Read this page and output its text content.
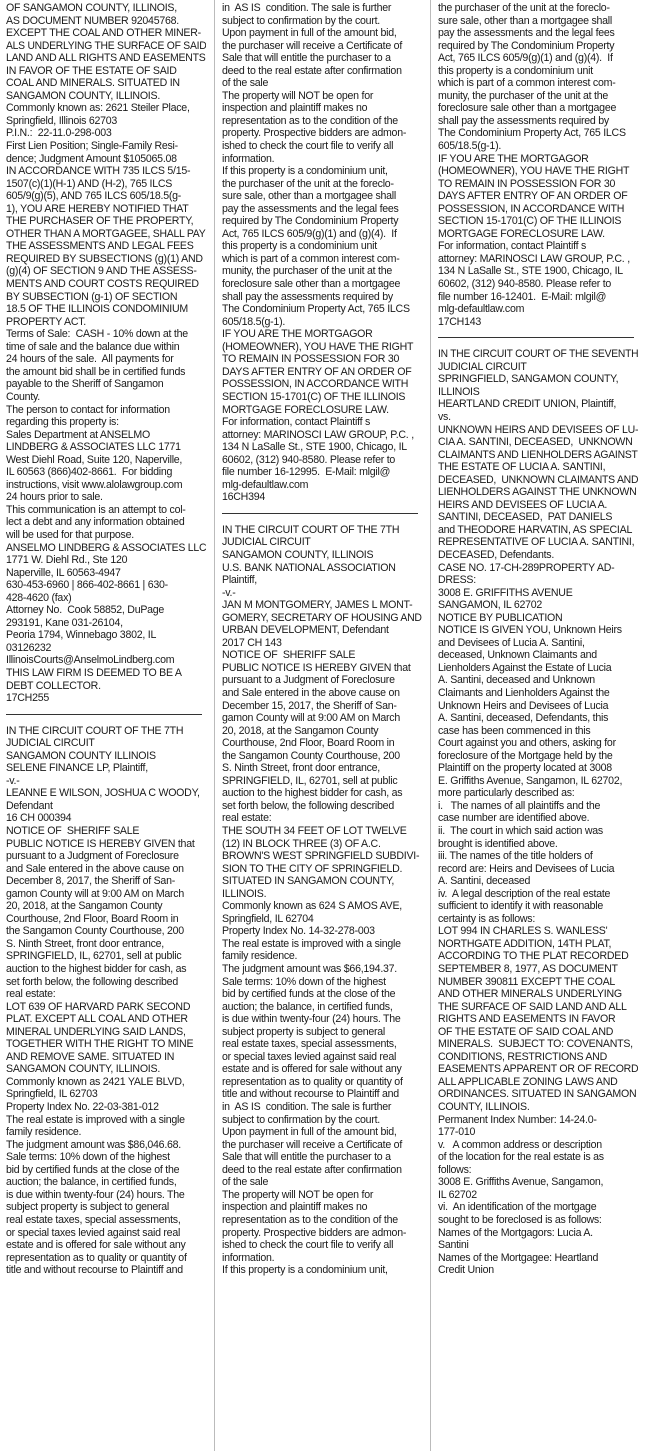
OF SANGAMON COUNTY, ILLINOIS,
AS DOCUMENT NUMBER 92045768.
EXCEPT THE COAL AND OTHER MINER-
ALS UNDERLYING THE SURFACE OF SAID
LAND AND ALL RIGHTS AND EASEMENTS
IN FAVOR OF THE ESTATE OF SAID
COAL AND MINERALS. SITUATED IN
SANGAMON COUNTY, ILLINOIS.
Commonly known as: 2621 Steiler Place,
Springfield, Illinois 62703
P.I.N.:  22-11.0-298-003
First Lien Position; Single-Family Resi-
dence; Judgment Amount $105065.08
IN ACCORDANCE WITH 735 ILCS 5/15-
1507(c)(1)(H-1) AND (H-2), 765 ILCS
605/9(g)(5), AND 765 ILCS 605/18.5(g-
1), YOU ARE HEREBY NOTIFIED THAT
THE PURCHASER OF THE PROPERTY,
OTHER THAN A MORTGAGEE, SHALL PAY
THE ASSESSMENTS AND LEGAL FEES
REQUIRED BY SUBSECTIONS (g)(1) AND
(g)(4) OF SECTION 9 AND THE ASSESS-
MENTS AND COURT COSTS REQUIRED
BY SUBSECTION (g-1) OF SECTION
18.5 OF THE ILLINOIS CONDOMINIUM
PROPERTY ACT.
Terms of Sale:  CASH - 10% down at the
time of sale and the balance due within
24 hours of the sale.  All payments for
the amount bid shall be in certified funds
payable to the Sheriff of Sangamon
County.
The person to contact for information
regarding this property is:
Sales Department at ANSELMO
LINDBERG & ASSOCIATES LLC 1771
West Diehl Road, Suite 120, Naperville,
IL 60563 (866)402-8661.  For bidding
instructions, visit www.alolawgroup.com
24 hours prior to sale.
This communication is an attempt to col-
lect a debt and any information obtained
will be used for that purpose.
ANSELMO LINDBERG & ASSOCIATES LLC
1771 W. Diehl Rd., Ste 120
Naperville, IL 60563-4947
630-453-6960 | 866-402-8661 | 630-
428-4620 (fax)
Attorney No.  Cook 58852, DuPage
293191, Kane 031-26104,
Peoria 1794, Winnebago 3802, IL
03126232
IllinoisCourts@AnselmoLindberg.com
THIS LAW FIRM IS DEEMED TO BE A
DEBT COLLECTOR.
17CH255
IN THE CIRCUIT COURT OF THE 7TH
JUDICIAL CIRCUIT
SANGAMON COUNTY ILLINOIS
SELENE FINANCE LP, Plaintiff,
-v.-
LEANNE E WILSON, JOSHUA C WOODY,
Defendant
16 CH 000394
NOTICE OF  SHERIFF SALE
PUBLIC NOTICE IS HEREBY GIVEN that
pursuant to a Judgment of Foreclosure
and Sale entered in the above cause on
December 8, 2017, the Sheriff of San-
gamon County will at 9:00 AM on March
20, 2018, at the Sangamon County
Courthouse, 2nd Floor, Board Room in
the Sangamon County Courthouse, 200
S. Ninth Street, front door entrance,
SPRINGFIELD, IL, 62701, sell at public
auction to the highest bidder for cash, as
set forth below, the following described
real estate:
LOT 639 OF HARVARD PARK SECOND
PLAT. EXCEPT ALL COAL AND OTHER
MINERAL UNDERLYING SAID LANDS,
TOGETHER WITH THE RIGHT TO MINE
AND REMOVE SAME. SITUATED IN
SANGAMON COUNTY, ILLINOIS.
Commonly known as 2421 YALE BLVD,
Springfield, IL 62703
Property Index No. 22-03-381-012
The real estate is improved with a single
family residence.
The judgment amount was $86,046.68.
Sale terms: 10% down of the highest
bid by certified funds at the close of the
auction; the balance, in certified funds,
is due within twenty-four (24) hours. The
subject property is subject to general
real estate taxes, special assessments,
or special taxes levied against said real
estate and is offered for sale without any
representation as to quality or quantity of
title and without recourse to Plaintiff and
in  AS IS  condition. The sale is further
subject to confirmation by the court.
Upon payment in full of the amount bid,
the purchaser will receive a Certificate of
Sale that will entitle the purchaser to a
deed to the real estate after confirmation
of the sale
The property will NOT be open for
inspection and plaintiff makes no
representation as to the condition of the
property. Prospective bidders are admon-
ished to check the court file to verify all
information.
If this property is a condominium unit,
the purchaser of the unit at the foreclo-
sure sale, other than a mortgagee shall
pay the assessments and the legal fees
required by The Condominium Property
Act, 765 ILCS 605/9(g)(1) and (g)(4).  If
this property is a condominium unit
which is part of a common interest com-
munity, the purchaser of the unit at the
foreclosure sale other than a mortgagee
shall pay the assessments required by
The Condominium Property Act, 765 ILCS
605/18.5(g-1).
IF YOU ARE THE MORTGAGOR
(HOMEOWNER), YOU HAVE THE RIGHT
TO REMAIN IN POSSESSION FOR 30
DAYS AFTER ENTRY OF AN ORDER OF
POSSESSION, IN ACCORDANCE WITH
SECTION 15-1701(C) OF THE ILLINOIS
MORTGAGE FORECLOSURE LAW.
For information, contact Plaintiff s
attorney: MARINOSCI LAW GROUP, P.C. ,
134 N LaSalle St., STE 1900, Chicago, IL
60602, (312) 940-8580. Please refer to
file number 16-12995.  E-Mail: mlgil@
mlg-defaultlaw.com
16CH394
IN THE CIRCUIT COURT OF THE 7TH
JUDICIAL CIRCUIT
SANGAMON COUNTY, ILLINOIS
U.S. BANK NATIONAL ASSOCIATION
Plaintiff,
-v.-
JAN M MONTGOMERY, JAMES L MONT-
GOMERY, SECRETARY OF HOUSING AND
URBAN DEVELOPMENT, Defendant
2017 CH 143
NOTICE OF  SHERIFF SALE
PUBLIC NOTICE IS HEREBY GIVEN that
pursuant to a Judgment of Foreclosure
and Sale entered in the above cause on
December 15, 2017, the Sheriff of San-
gamon County will at 9:00 AM on March
20, 2018, at the Sangamon County
Courthouse, 2nd Floor, Board Room in
the Sangamon County Courthouse, 200
S. Ninth Street, front door entrance,
SPRINGFIELD, IL, 62701, sell at public
auction to the highest bidder for cash, as
set forth below, the following described
real estate:
THE SOUTH 34 FEET OF LOT TWELVE
(12) IN BLOCK THREE (3) OF A.C.
BROWN'S WEST SPRINGFIELD SUBDIVI-
SION TO THE CITY OF SPRINGFIELD.
SITUATED IN SANGAMON COUNTY,
ILLINOIS.
Commonly known as 624 S AMOS AVE,
Springfield, IL 62704
Property Index No. 14-32-278-003
The real estate is improved with a single
family residence.
The judgment amount was $66,194.37.
Sale terms: 10% down of the highest
bid by certified funds at the close of the
auction; the balance, in certified funds,
is due within twenty-four (24) hours. The
subject property is subject to general
real estate taxes, special assessments,
or special taxes levied against said real
estate and is offered for sale without any
representation as to quality or quantity of
title and without recourse to Plaintiff and
in  AS IS  condition. The sale is further
subject to confirmation by the court.
Upon payment in full of the amount bid,
the purchaser will receive a Certificate of
Sale that will entitle the purchaser to a
deed to the real estate after confirmation
of the sale
The property will NOT be open for
inspection and plaintiff makes no
representation as to the condition of the
property. Prospective bidders are admon-
ished to check the court file to verify all
information.
If this property is a condominium unit,
the purchaser of the unit at the foreclo-
sure sale, other than a mortgagee shall
pay the assessments and the legal fees
required by The Condominium Property
Act, 765 ILCS 605/9(g)(1) and (g)(4).  If
this property is a condominium unit
which is part of a common interest com-
munity, the purchaser of the unit at the
foreclosure sale other than a mortgagee
shall pay the assessments required by
The Condominium Property Act, 765 ILCS
605/18.5(g-1).
IF YOU ARE THE MORTGAGOR
(HOMEOWNER), YOU HAVE THE RIGHT
TO REMAIN IN POSSESSION FOR 30
DAYS AFTER ENTRY OF AN ORDER OF
POSSESSION, IN ACCORDANCE WITH
SECTION 15-1701(C) OF THE ILLINOIS
MORTGAGE FORECLOSURE LAW.
For information, contact Plaintiff s
attorney: MARINOSCI LAW GROUP, P.C. ,
134 N LaSalle St., STE 1900, Chicago, IL
60602, (312) 940-8580. Please refer to
file number 16-12401.  E-Mail: mlgil@
mlg-defaultlaw.com
17CH143
IN THE CIRCUIT COURT OF THE SEVENTH
JUDICIAL CIRCUIT
SPRINGFIELD, SANGAMON COUNTY,
ILLINOIS
HEARTLAND CREDIT UNION, Plaintiff,
vs.
UNKNOWN HEIRS AND DEVISEES OF LU-
CIA A. SANTINI, DECEASED,  UNKNOWN
CLAIMANTS AND LIENHOLDERS AGAINST
THE ESTATE OF LUCIA A. SANTINI,
DECEASED,  UNKNOWN CLAIMANTS AND
LIENHOLDERS AGAINST THE UNKNOWN
HEIRS AND DEVISEES OF LUCIA A.
SANTINI, DECEASED,  PAT DANIELS
and THEODORE HARVATIN, AS SPECIAL
REPRESENTATIVE OF LUCIA A. SANTINI,
DECEASED, Defendants.
CASE NO. 17-CH-289PROPERTY AD-
DRESS:
3008 E. GRIFFITHS AVENUE
SANGAMON, IL 62702
NOTICE BY PUBLICATION
NOTICE IS GIVEN YOU, Unknown Heirs
and Devisees of Lucia A. Santini,
deceased, Unknown Claimants and
Lienholders Against the Estate of Lucia
A. Santini, deceased and Unknown
Claimants and Lienholders Against the
Unknown Heirs and Devisees of Lucia
A. Santini, deceased, Defendants, this
case has been commenced in this
Court against you and others, asking for
foreclosure of the Mortgage held by the
Plaintiff on the property located at 3008
E. Griffiths Avenue, Sangamon, IL 62702,
more particularly described as:
i.   The names of all plaintiffs and the
case number are identified above.
ii.  The court in which said action was
brought is identified above.
iii. The names of the title holders of
record are: Heirs and Devisees of Lucia
A. Santini, deceased
iv.  A legal description of the real estate
sufficient to identify it with reasonable
certainty is as follows:
LOT 994 IN CHARLES S. WANLESS'
NORTHGATE ADDITION, 14TH PLAT,
ACCORDING TO THE PLAT RECORDED
SEPTEMBER 8, 1977, AS DOCUMENT
NUMBER 390811 EXCEPT THE COAL
AND OTHER MINERALS UNDERLYING
THE SURFACE OF SAID LAND AND ALL
RIGHTS AND EASEMENTS IN FAVOR
OF THE ESTATE OF SAID COAL AND
MINERALS.  SUBJECT TO: COVENANTS,
CONDITIONS, RESTRICTIONS AND
EASEMENTS APPARENT OR OF RECORD
ALL APPLICABLE ZONING LAWS AND
ORDINANCES. SITUATED IN SANGAMON
COUNTY, ILLINOIS.
Permanent Index Number: 14-24.0-
177-010
v.   A common address or description
of the location for the real estate is as
follows:
3008 E. Griffiths Avenue, Sangamon,
IL 62702
vi.  An identification of the mortgage
sought to be foreclosed is as follows:
Names of the Mortgagors: Lucia A.
Santini
Names of the Mortgagee: Heartland
Credit Union
